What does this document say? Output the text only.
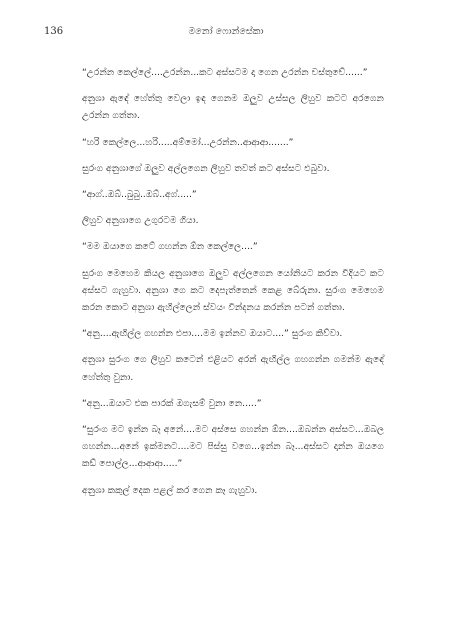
136	මනෝ ෆොන්සේකා

“උරන්න කෙල්ලේ....උරන්න...කට අස්සටම දා ගෙන උරන්න චස්තුචේ......”

අනුශා ඇඳේ හේත්තු වෙලා ඉඳ ගෙනම ඔලුව උස්සල ලිහුව කටට අරගෙන උරන්න ගත්තා.

“හරි කෙල්ලෙ...හරි.....අම්මෝ...උරන්න..ආආආ.......”

සුරංග අනුශාගේ ඔලුව අල්ලගෙන ලිහුව තවත් කට අස්සට එබුවා.

“ආග්..ඔබ්..බුබු..ඔබ්..අග්.....”

ලිහුව අනුශාගෙ උගුරටම ගියා.

“මම ඔයාගෙ කටේ ගහන්න ඕන කෙල්ලෙ....”

සුරංග මෙහෙම කියල අනුශාගෙ ඔලුව අල්ලගෙන යෝනියට කරන විදියට කට අස්සට ගැහුවා. අනුශා ගෙ කට දෙපැත්තෙන් කෙළ බේරුනා. සුරංග මෙහෙම කරන කොට අනුශා ඇහිල්ලෙන් ස්වයං වින්දනය කරන්න පටන් ගත්තා.

“අනු....ඇඟිල්ල ගහන්න එපා....මම ඉන්නව ඔයාට....” සුරංග කිව්වා.

අනුශා සුරංග ගෙ ලිහුව කටෙන් එළියට අරන් ඇඟිල්ල ගහගන්න ගමන්ම ඇඳේ හේත්තු වුනා.

“අනු...ඔයාට එක පාරක් ඔගැසම් වුනා නෙ.....”

“සුරංග මට ඉන්න බෑ අනේ....මට අස්සෙ ගහන්න ඕන....ඔබන්න අස්සට...ඔබල ගහන්න...අනේ ඉක්මනට....මට පිස්සු වගෙ...ඉන්න බෑ...අස්සට දාන්න ඔයගෙ කඩ් පොල්ල...ආආආ.....”

අනුශා කකුල් දෙක පළල් කර ගෙන කෑ ගැහුවා.
